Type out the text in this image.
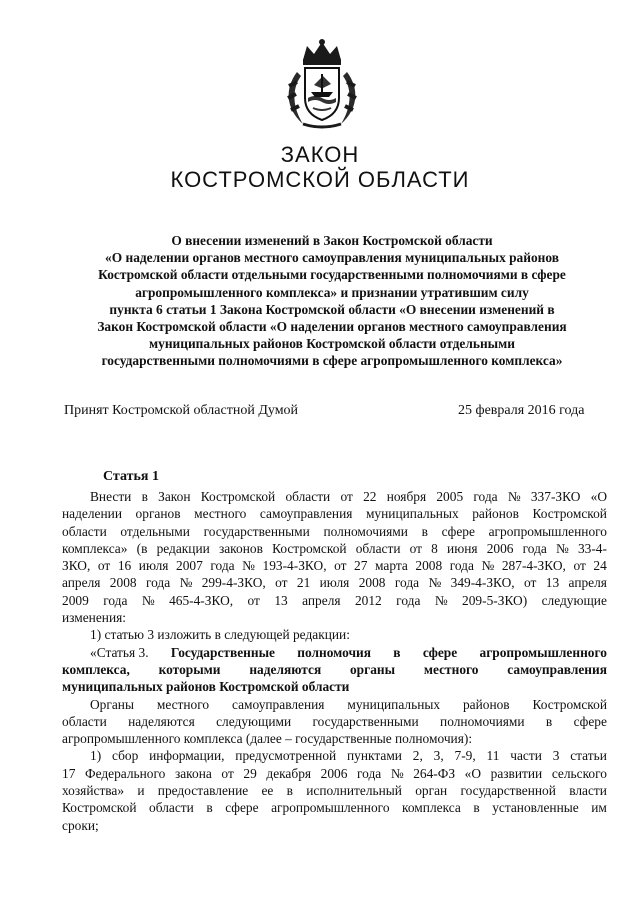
ЗАКОН
КОСТРОМСКОЙ ОБЛАСТИ
О внесении изменений в Закон Костромской области
«О наделении органов местного самоуправления муниципальных районов
Костромской области отдельными государственными полномочиями в сфере
агропромышленного комплекса» и признании утратившим силу
пункта 6 статьи 1 Закона Костромской области «О внесении изменений в
Закон Костромской области «О наделении органов местного самоуправления
муниципальных районов Костромской области отдельными
государственными полномочиями в сфере агропромышленного комплекса»
Принят Костромской областной Думой	25 февраля 2016 года
Статья 1
Внести в Закон Костромской области от 22 ноября 2005 года № 337-ЗКО «О
наделении органов местного самоуправления муниципальных районов Костромской
области отдельными государственными полномочиями в сфере агропромышленного
комплекса» (в редакции законов Костромской области от 8 июня 2006 года № 33-4-
ЗКО, от 16 июля 2007 года № 193-4-ЗКО, от 27 марта 2008 года № 287-4-ЗКО, от 24
апреля 2008 года № 299-4-ЗКО, от 21 июля 2008 года № 349-4-ЗКО, от 13 апреля
2009 года № 465-4-ЗКО, от 13 апреля 2012 года № 209-5-ЗКО) следующие
изменения:
1) статью 3 изложить в следующей редакции:
«Статья 3. Государственные полномочия в сфере агропромышленного
комплекса, которыми наделяются органы местного самоуправления
муниципальных районов Костромской области
Органы местного самоуправления муниципальных районов Костромской
области наделяются следующими государственными полномочиями в сфере
агропромышленного комплекса (далее – государственные полномочия):
1) сбор информации, предусмотренной пунктами 2, 3, 7-9, 11 части 3 статьи
17 Федерального закона от 29 декабря 2006 года № 264-ФЗ «О развитии сельского
хозяйства» и предоставление ее в исполнительный орган государственной власти
Костромской области в сфере агропромышленного комплекса в установленные им
сроки;
